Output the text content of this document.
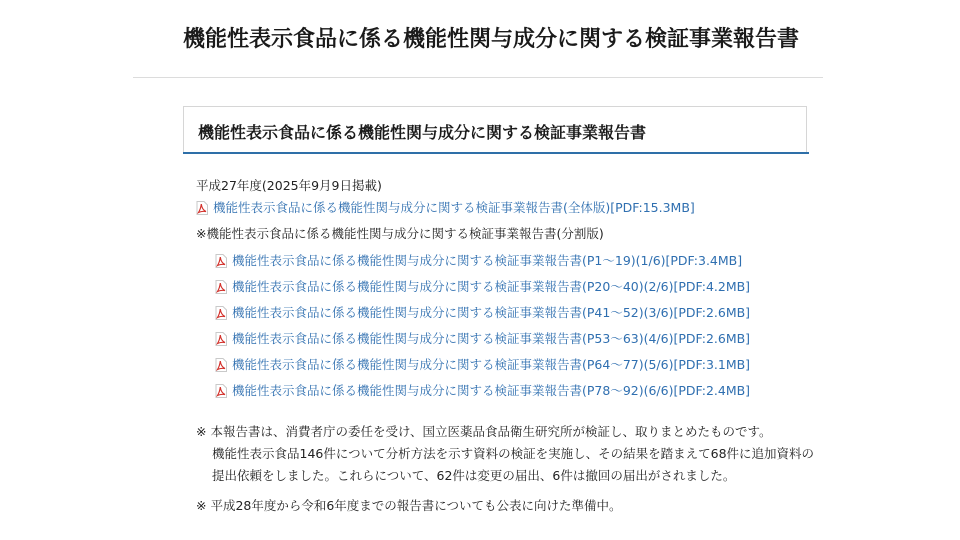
機能性表示食品に係る機能性関与成分に関する検証事業報告書
機能性表示食品に係る機能性関与成分に関する検証事業報告書
平成27年度(2025年9月9日掲載)
機能性表示食品に係る機能性関与成分に関する検証事業報告書(全体版)[PDF:15.3MB]
※機能性表示食品に係る機能性関与成分に関する検証事業報告書(分割版)
機能性表示食品に係る機能性関与成分に関する検証事業報告書(P1～19)(1/6)[PDF:3.4MB]
機能性表示食品に係る機能性関与成分に関する検証事業報告書(P20～40)(2/6)[PDF:4.2MB]
機能性表示食品に係る機能性関与成分に関する検証事業報告書(P41～52)(3/6)[PDF:2.6MB]
機能性表示食品に係る機能性関与成分に関する検証事業報告書(P53～63)(4/6)[PDF:2.6MB]
機能性表示食品に係る機能性関与成分に関する検証事業報告書(P64～77)(5/6)[PDF:3.1MB]
機能性表示食品に係る機能性関与成分に関する検証事業報告書(P78～92)(6/6)[PDF:2.4MB]
※ 本報告書は、消費者庁の委任を受け、国立医薬品食品衛生研究所が検証し、取りまとめたものです。
機能性表示食品146件について分析方法を示す資料の検証を実施し、その結果を踏まえて68件に追加資料の
提出依頼をしました。これらについて、62件は変更の届出、6件は撤回の届出がされました。
※ 平成28年度から令和6年度までの報告書についても公表に向けた準備中。
